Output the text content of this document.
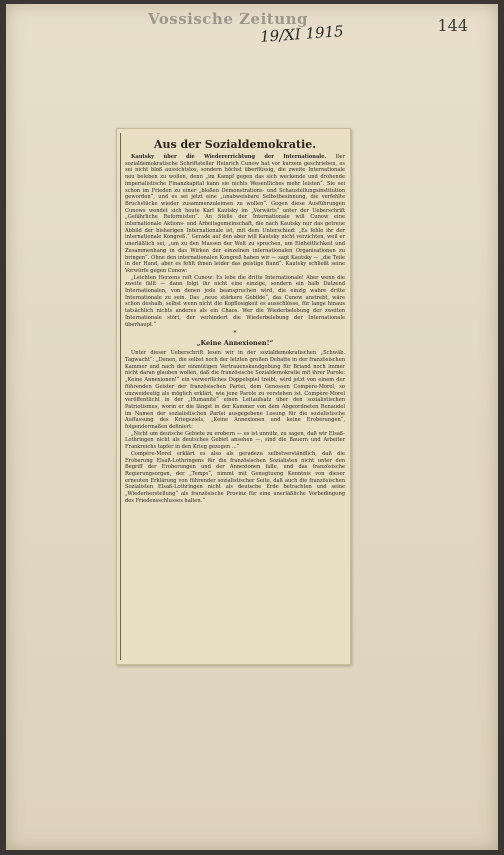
Vossische Zeitung
19/XI 1915	144
Aus der Sozialdemokratie.

Kautsky über die Wiedererrichtung der Internationale. Der sozialdemokratische Schriftsteller Heinrich Cunow hat vor kurzem geschrieben, es sei nicht bloß aussichtslos, sondern höchst überflüssig, die zweite Internationale neu beleben zu wollen, denn „im Kampf gegen das sich weckende und drohende imperialistische Finanzkapital kann sie nichts Wesentliches mehr leisten“. Sie sei schon im Frieden zu einer „bloßen Demonstrations- und Schaustellungsinstitution geworden“, und es sei jetzt eine „unabweisbare Selbstbesinnung, die verfehlte Bruchstücke wieder zusammenzuleimen zu wollen“. Gegen diese Ausführungen Cunows wendet sich heute Karl Kautsky im „Vorwärts“ unter der Ueberschrift „Gefährliche Reformisten“. An Stelle der Internationale will Cunow eine internationale Aktions- und Arbeitsgemeinschaft, die nach Kautsky nur das getreue Abbild der bisherigen Internationale ist, mit dem Unterschied: „Es fehle ihr der internationale Kongreß.“ Gerade auf den aber will Kautsky nicht verzichten, weil er unerläßlich sei, „um zu den Massen der Welt zu sprechen, um Einheitlichkeit und Zusammenhang in das Wirken der einzelnen internationalen Organisationen zu bringen“. Ohne den internationalen Kongreß haben wir — sagt Kautsky — „die Teile in der Hand, aber es fehlt ihnen leider das geistige Band“. Kautsky schließt seine Vorwürfe gegen Cunow:

„Leichten Herzens ruft Cunow: Es lebe die dritte Internationale! Aber wenn die zweite fällt — dann folgt ihr nicht eine einzige, sondern ein halb Dutzend Internationalen, von denen jede beanspruchen wird, die einzig wahre dritte Internationale zu sein. Das „neue stärkere Gebilde“, das Cunow anstrebt, wäre schon deshalb, selbst wenn nicht die Kopflosigkeit es ausschlösse, für lange hinaus tatsächlich nichts anderes als ein Chaos. Wer die Wiederbelebung der zweiten Internationale stört, der verhindert die Wiederbelebung der Internationale überhaupt.“

*
„Keine Annexionen!“

Unter dieser Ueberschrift lesen wir in der sozialdemokratischen „Schwäb. Tagwacht“: „Denen, die selbst noch der letzten großen Debatte in der französischen Kammer und nach der einmütigen Vertrauenskundgebung für Briand noch immer nicht daran glauben wollen, daß die französische Sozialdemokratie mit ihrer Parole: „Keine Annexionen!“ ein verwerfliches Doppelspiel treibt, wird jetzt von einem der führenden Geister der französischen Partei, dem Genossen Compère-Morel, so unzweideutig als möglich erklärt, wie jene Parole zu verstehen ist. Compère-Morel veröffentlicht in der „Humanité“ einen Leitaufsatz über den sozialistischen Patriotismus, worin er die längst in der Kammer von dem Abgeordneten Renaudel im Namen der sozialistischen Partei ausgegebene Losung für die sozialistische Auffassung des Kriegsziels, „Keine Annexionen und keine Eroberungen“, folgendermaßen definiert:

„Nicht um deutsche Gebiete zu erobern — es ist unnütz, zu sagen, daß wir Elsaß-Lothringen nicht als deutsches Gebiet ansehen —, sind die Bauern und Arbeiter Frankreichs tapfer in den Krieg gezogen ...“

Compère-Morel erklärt es also als geradezu selbstverständlich, daß die Eroberung Elsaß-Lothringens für die französischen Sozialisten nicht unter den Begriff der Eroberungen und der Annexionen falle, und das französische Regierungsorgan, der „Temps“, nimmt mit Genugtuung Kenntnis von dieser erneuten Erklärung von führender sozialistischer Seite, daß auch die französischen Sozialisten Elsaß-Lothringen nicht als deutsche Erde betrachten und seine „Wiederherstellung“ als französische Provinz für eine unerläßliche Vorbedingung des Friedensschlusses halten.“
